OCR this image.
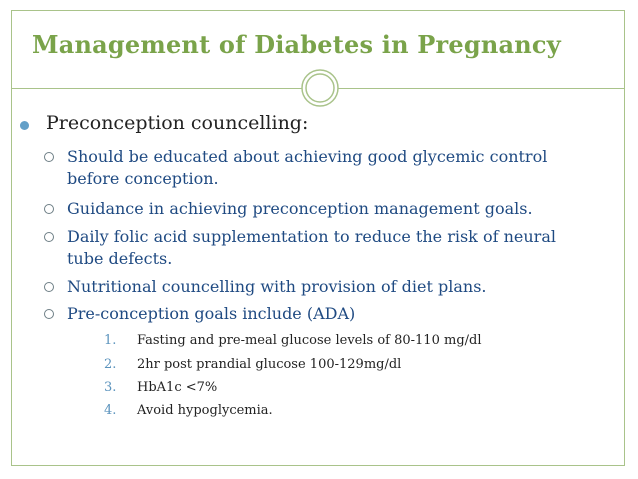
Management of Diabetes in Pregnancy
Preconception councelling:
Should be educated about achieving good glycemic control
before conception.
Guidance in achieving preconception management goals.
Daily folic acid supplementation to reduce the risk of neural
tube defects.
Nutritional councelling with provision of diet plans.
Pre-conception goals include (ADA)
1. Fasting and pre-meal glucose levels of 80-110 mg/dl
2. 2hr post prandial glucose 100-129mg/dl
3. HbA1c <7%
4. Avoid hypoglycemia.
